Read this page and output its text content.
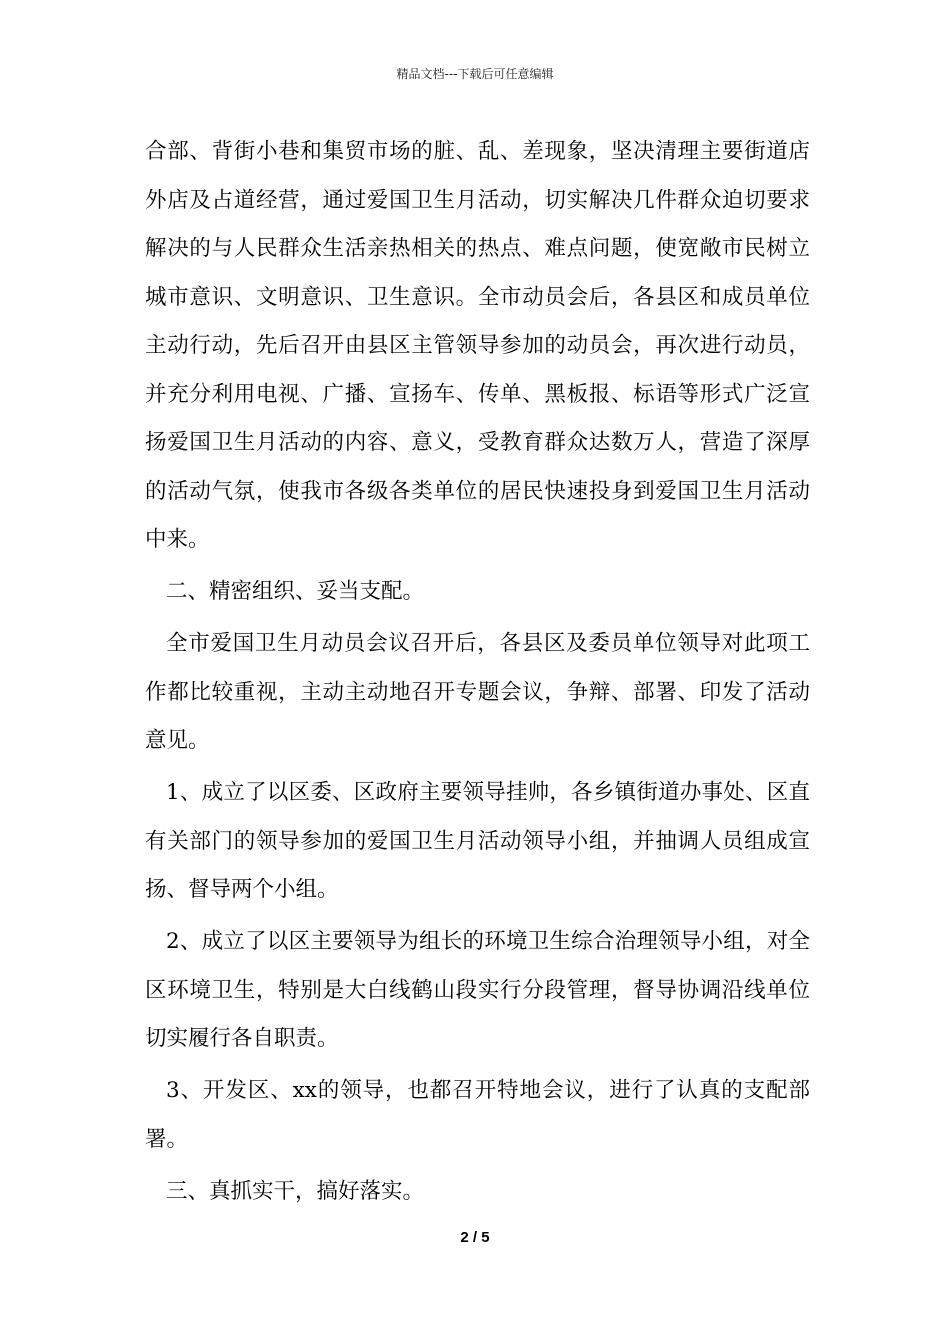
精品文档---下载后可任意编辑

合部、背街小巷和集贸市场的脏、乱、差现象，坚决清理主要街道店外店及占道经营，通过爱国卫生月活动，切实解决几件群众迫切要求解决的与人民群众生活亲热相关的热点、难点问题，使宽敞市民树立城市意识、文明意识、卫生意识。全市动员会后，各县区和成员单位主动行动，先后召开由县区主管领导参加的动员会，再次进行动员，并充分利用电视、广播、宣扬车、传单、黑板报、标语等形式广泛宣扬爱国卫生月活动的内容、意义，受教育群众达数万人，营造了深厚的活动气氛，使我市各级各类单位的居民快速投身到爱国卫生月活动中来。

二、精密组织、妥当支配。

全市爱国卫生月动员会议召开后，各县区及委员单位领导对此项工作都比较重视，主动主动地召开专题会议，争辩、部署、印发了活动意见。

1、成立了以区委、区政府主要领导挂帅，各乡镇街道办事处、区直有关部门的领导参加的爱国卫生月活动领导小组，并抽调人员组成宣扬、督导两个小组。

2、成立了以区主要领导为组长的环境卫生综合治理领导小组，对全区环境卫生，特别是大白线鹤山段实行分段管理，督导协调沿线单位切实履行各自职责。

3、开发区、xx的领导，也都召开特地会议，进行了认真的支配部署。

三、真抓实干，搞好落实。

2 / 5
